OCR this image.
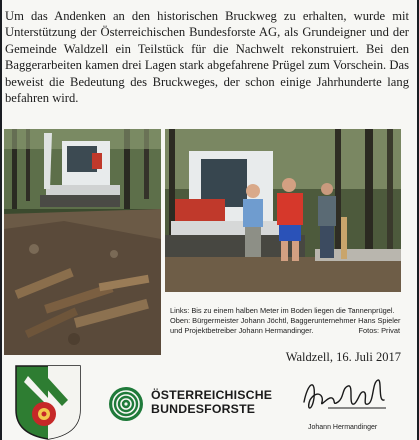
Um das Andenken an den historischen Bruckweg zu erhalten, wurde mit Unterstützung der Österreichischen Bundesforste AG, als Grundeigner und der Gemeinde Waldzell ein Teilstück für die Nachwelt rekonstruiert. Bei den Baggerarbeiten kamen drei Lagen stark abgefahrene Prügel zum Vorschein. Das beweist die Bedeutung des Bruckweges, der schon einige Jahrhunderte lang befahren wird.

Links: Bis zu einem halben Meter im Boden liegen die Tannenprügel.
Oben: Bürgermeister Johann Jöchtl, Baggerunternehmer Hans Spieler
und Projektbetreiber Johann Hermandinger.	Fotos: Privat
Waldzell, 16. Juli 2017
ÖSTERREICHISCHE
BUNDESFORSTE
Johann Hermandinger
